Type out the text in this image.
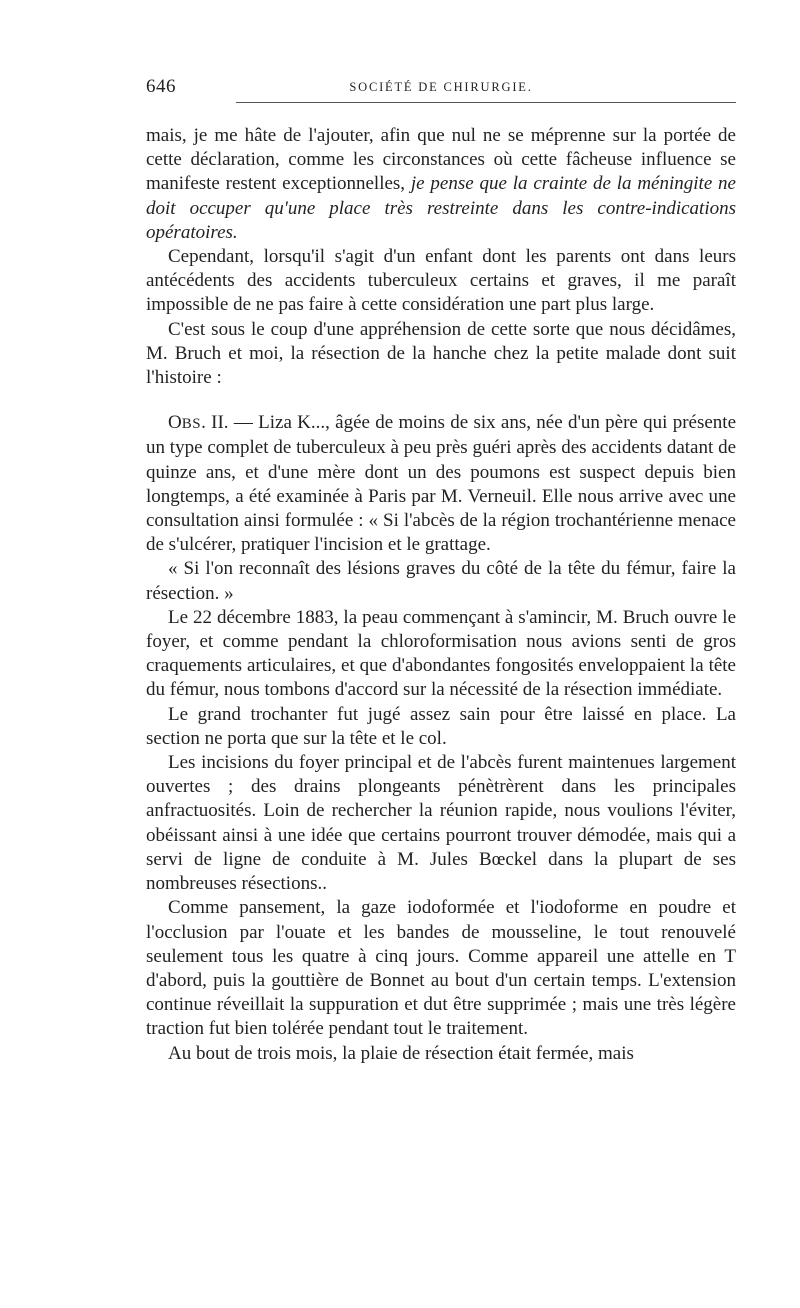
646	SOCIÉTÉ DE CHIRURGIE.

mais, je me hâte de l'ajouter, afin que nul ne se méprenne sur la portée de cette déclaration, comme les circonstances où cette fâcheuse influence se manifeste restent exceptionnelles, je pense que la crainte de la méningite ne doit occuper qu'une place très restreinte dans les contre-indications opératoires.

Cependant, lorsqu'il s'agit d'un enfant dont les parents ont dans leurs antécédents des accidents tuberculeux certains et graves, il me paraît impossible de ne pas faire à cette considération une part plus large.

C'est sous le coup d'une appréhension de cette sorte que nous décidâmes, M. Bruch et moi, la résection de la hanche chez la petite malade dont suit l'histoire :

OBS. II. — Liza K..., âgée de moins de six ans, née d'un père qui présente un type complet de tuberculeux à peu près guéri après des accidents datant de quinze ans, et d'une mère dont un des poumons est suspect depuis bien longtemps, a été examinée à Paris par M. Verneuil. Elle nous arrive avec une consultation ainsi formulée : « Si l'abcès de la région trochantérienne menace de s'ulcérer, pratiquer l'incision et le grattage.

« Si l'on reconnaît des lésions graves du côté de la tête du fémur, faire la résection. »

Le 22 décembre 1883, la peau commençant à s'amincir, M. Bruch ouvre le foyer, et comme pendant la chloroformisation nous avions senti de gros craquements articulaires, et que d'abondantes fongosités enveloppaient la tête du fémur, nous tombons d'accord sur la nécessité de la résection immédiate.

Le grand trochanter fut jugé assez sain pour être laissé en place. La section ne porta que sur la tête et le col.

Les incisions du foyer principal et de l'abcès furent maintenues largement ouvertes ; des drains plongeants pénètrèrent dans les principales anfractuosités. Loin de rechercher la réunion rapide, nous voulions l'éviter, obéissant ainsi à une idée que certains pourront trouver démodée, mais qui a servi de ligne de conduite à M. Jules Bœckel dans la plupart de ses nombreuses résections..

Comme pansement, la gaze iodoformée et l'iodoforme en poudre et l'occlusion par l'ouate et les bandes de mousseline, le tout renouvelé seulement tous les quatre à cinq jours. Comme appareil une attelle en T d'abord, puis la gouttière de Bonnet au bout d'un certain temps. L'extension continue réveillait la suppuration et dut être supprimée ; mais une très légère traction fut bien tolérée pendant tout le traitement.

Au bout de trois mois, la plaie de résection était fermée, mais
